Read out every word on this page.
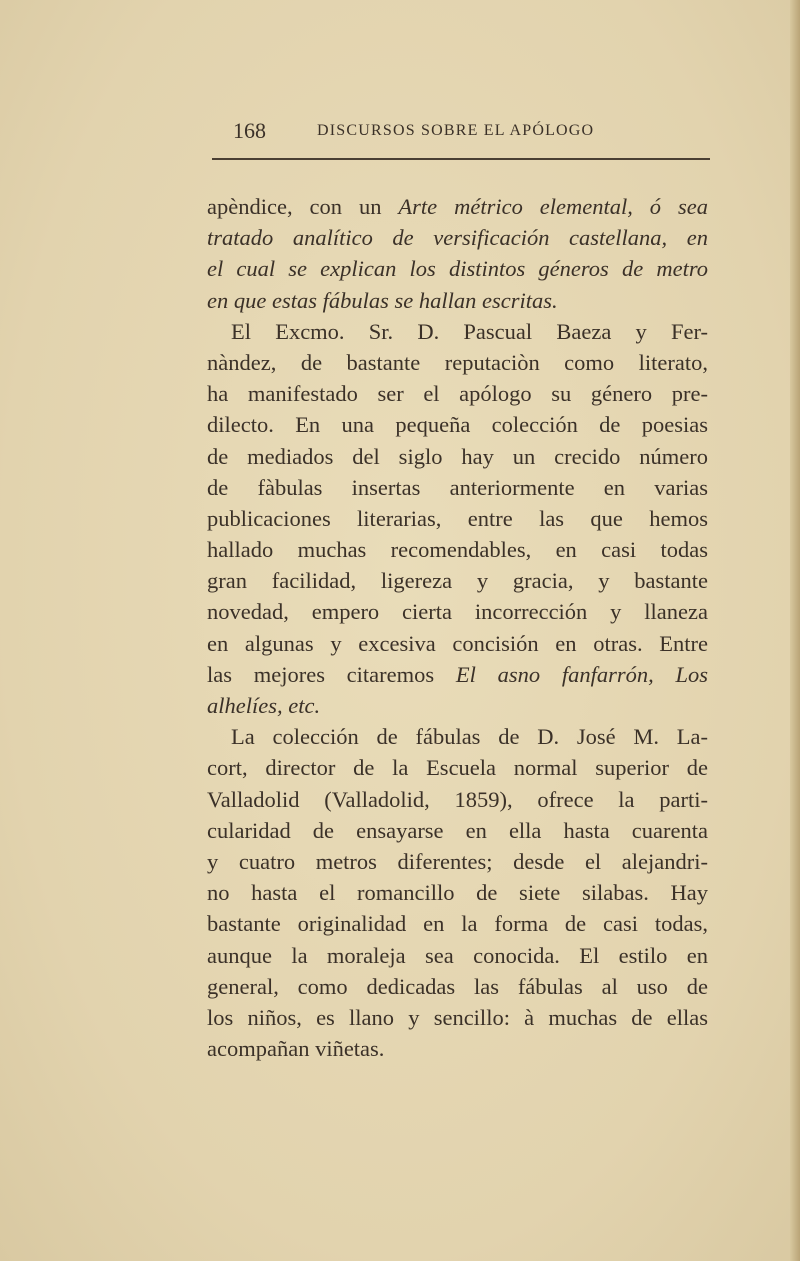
168	DISCURSOS SOBRE EL APÓLOGO
apèndice, con un Arte métrico elemental, ó sea
tratado analítico de versificación castellana, en
el cual se explican los distintos géneros de metro
en que estas fábulas se hallan escritas.
El Excmo. Sr. D. Pascual Baeza y Fer-
nàndez, de bastante reputaciòn como literato,
ha manifestado ser el apólogo su género pre-
dilecto. En una pequeña colección de poesias
de mediados del siglo hay un crecido número
de fàbulas insertas anteriormente en varias
publicaciones literarias, entre las que hemos
hallado muchas recomendables, en casi todas
gran facilidad, ligereza y gracia, y bastante
novedad, empero cierta incorrección y llaneza
en algunas y excesiva concisión en otras. Entre
las mejores citaremos El asno fanfarrón, Los
alhelíes, etc.
La colección de fábulas de D. José M. La-
cort, director de la Escuela normal superior de
Valladolid (Valladolid, 1859), ofrece la parti-
cularidad de ensayarse en ella hasta cuarenta
y cuatro metros diferentes; desde el alejandri-
no hasta el romancillo de siete silabas. Hay
bastante originalidad en la forma de casi todas,
aunque la moraleja sea conocida. El estilo en
general, como dedicadas las fábulas al uso de
los niños, es llano y sencillo: à muchas de ellas
acompañan viñetas.
